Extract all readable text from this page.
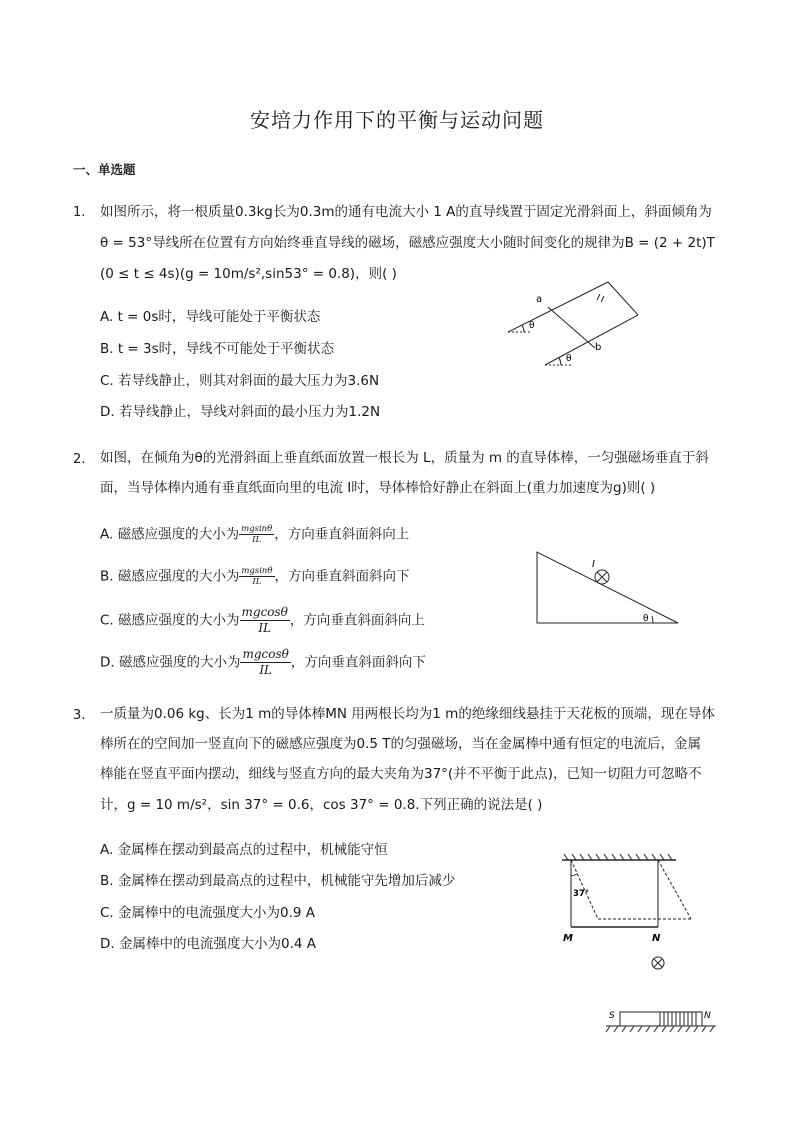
安培力作用下的平衡与运动问题
一、单选题
1. 如图所示，将一根质量0.3kg长为0.3m的通有电流大小 1 A的直导线置于固定光滑斜面上，斜面倾角为
θ = 53°导线所在位置有方向始终垂直导线的磁场，磁感应强度大小随时间变化的规律为B = (2 + 2t)T
(0 ≤ t ≤ 4s)(g = 10m/s²,sin53° = 0.8)，则( )
A. t = 0s时，导线可能处于平衡状态
B. t = 3s时，导线不可能处于平衡状态
C. 若导线静止，则其对斜面的最大压力为3.6N
D. 若导线静止，导线对斜面的最小压力为1.2N
a
b
θ
θ
2. 如图，在倾角为θ的光滑斜面上垂直纸面放置一根长为 L，质量为 m 的直导体棒，一匀强磁场垂直于斜
面，当导体棒内通有垂直纸面向里的电流 I时，导体棒恰好静止在斜面上(重力加速度为g)则( )
A. 磁感应强度的大小为 $\frac{mgsin\theta}{IL}$ ，方向垂直斜面斜向上
B. 磁感应强度的大小为 $\frac{mgsin\theta}{IL}$ ，方向垂直斜面斜向下
C. 磁感应强度的大小为 $\frac{mgcos\theta}{IL}$ ，方向垂直斜面斜向上
D. 磁感应强度的大小为 $\frac{mgcos\theta}{IL}$ ，方向垂直斜面斜向下
I
θ
3. 一质量为0.06 kg、长为1 m的导体棒MN 用两根长均为1 m的绝缘细线悬挂于天花板的顶端，现在导体
棒所在的空间加一竖直向下的磁感应强度为0.5 T的匀强磁场，当在金属棒中通有恒定的电流后，金属
棒能在竖直平面内摆动，细线与竖直方向的最大夹角为37°(并不平衡于此点)，已知一切阻力可忽略不
计，g = 10 m/s²，sin 37° = 0.6，cos 37° = 0.8.下列正确的说法是( )
A. 金属棒在摆动到最高点的过程中，机械能守恒
B. 金属棒在摆动到最高点的过程中，机械能守先增加后减少
C. 金属棒中的电流强度大小为0.9 A
D. 金属棒中的电流强度大小为0.4 A
37°
M	N
S	N
